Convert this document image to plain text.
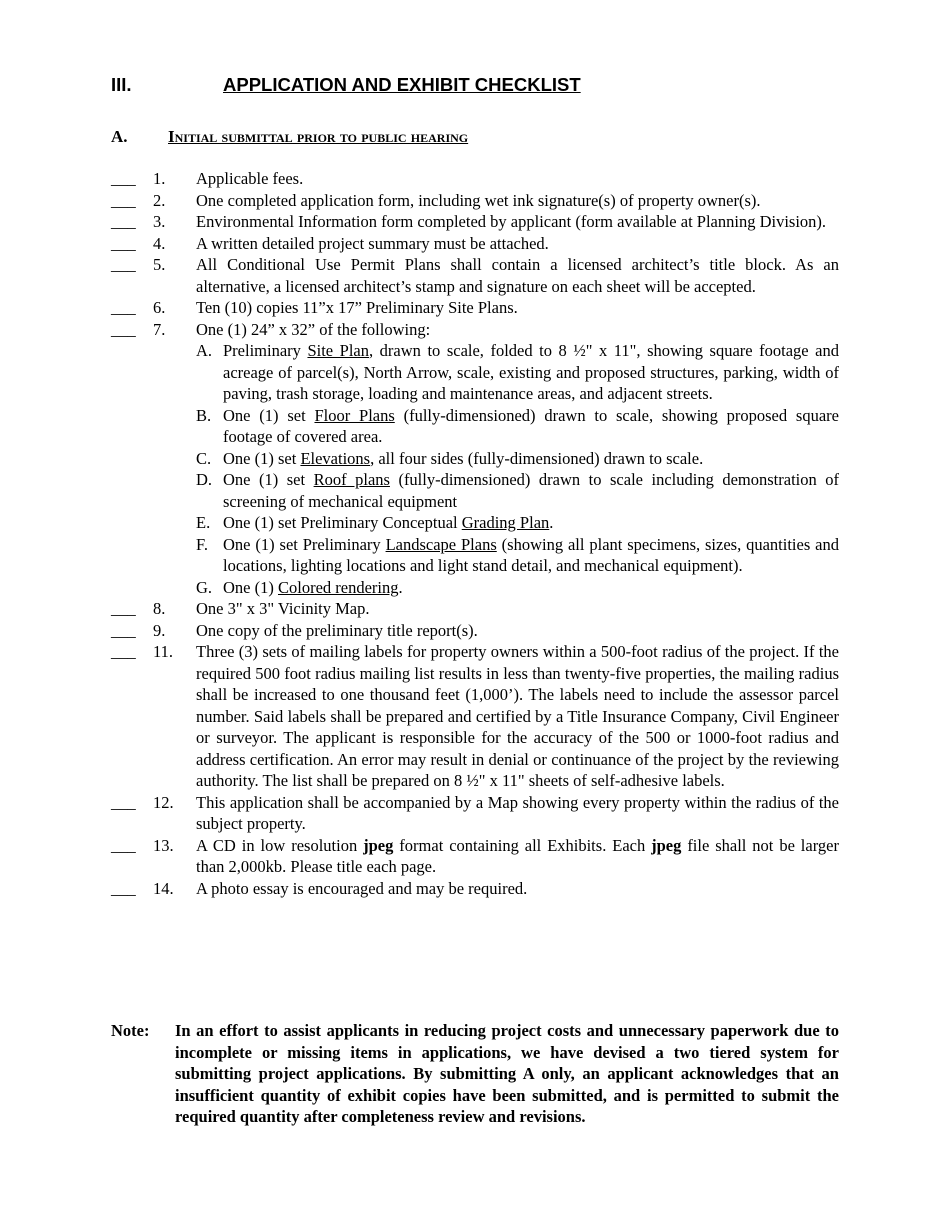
III.	APPLICATION AND EXHIBIT CHECKLIST
A. Initial submittal prior to public hearing
___	1. Applicable fees.
___	2. One completed application form, including wet ink signature(s) of property owner(s).
___	3. Environmental Information form completed by applicant (form available at Planning Division).
___	4. A written detailed project summary must be attached.
___	5. All Conditional Use Permit Plans shall contain a licensed architect’s title block. As an alternative, a licensed architect’s stamp and signature on each sheet will be accepted.
___	6. Ten (10) copies 11”x 17” Preliminary Site Plans.
___	7. One (1) 24” x 32” of the following:
A. Preliminary Site Plan, drawn to scale, folded to 8 ½" x 11", showing square footage and acreage of parcel(s), North Arrow, scale, existing and proposed structures, parking, width of paving, trash storage, loading and maintenance areas, and adjacent streets.
B. One (1) set Floor Plans (fully-dimensioned) drawn to scale, showing proposed square footage of covered area.
C. One (1) set Elevations, all four sides (fully-dimensioned) drawn to scale.
D. One (1) set Roof plans (fully-dimensioned) drawn to scale including demonstration of screening of mechanical equipment
E. One (1) set Preliminary Conceptual Grading Plan.
F. One (1) set Preliminary Landscape Plans (showing all plant specimens, sizes, quantities and locations, lighting locations and light stand detail, and mechanical equipment).
G. One (1) Colored rendering.
___	8. One 3" x 3" Vicinity Map.
___	9. One copy of the preliminary title report(s).
___	11. Three (3) sets of mailing labels for property owners within a 500-foot radius of the project. If the required 500 foot radius mailing list results in less than twenty-five properties, the mailing radius shall be increased to one thousand feet (1,000’). The labels need to include the assessor parcel number. Said labels shall be prepared and certified by a Title Insurance Company, Civil Engineer or surveyor. The applicant is responsible for the accuracy of the 500 or 1000-foot radius and address certification. An error may result in denial or continuance of the project by the reviewing authority. The list shall be prepared on 8 ½" x 11" sheets of self-adhesive labels.
___	12. This application shall be accompanied by a Map showing every property within the radius of the subject property.
___	13. A CD in low resolution jpeg format containing all Exhibits. Each jpeg file shall not be larger than 2,000kb. Please title each page.
___	14. A photo essay is encouraged and may be required.
Note: In an effort to assist applicants in reducing project costs and unnecessary paperwork due to incomplete or missing items in applications, we have devised a two tiered system for submitting project applications. By submitting A only, an applicant acknowledges that an insufficient quantity of exhibit copies have been submitted, and is permitted to submit the required quantity after completeness review and revisions.
